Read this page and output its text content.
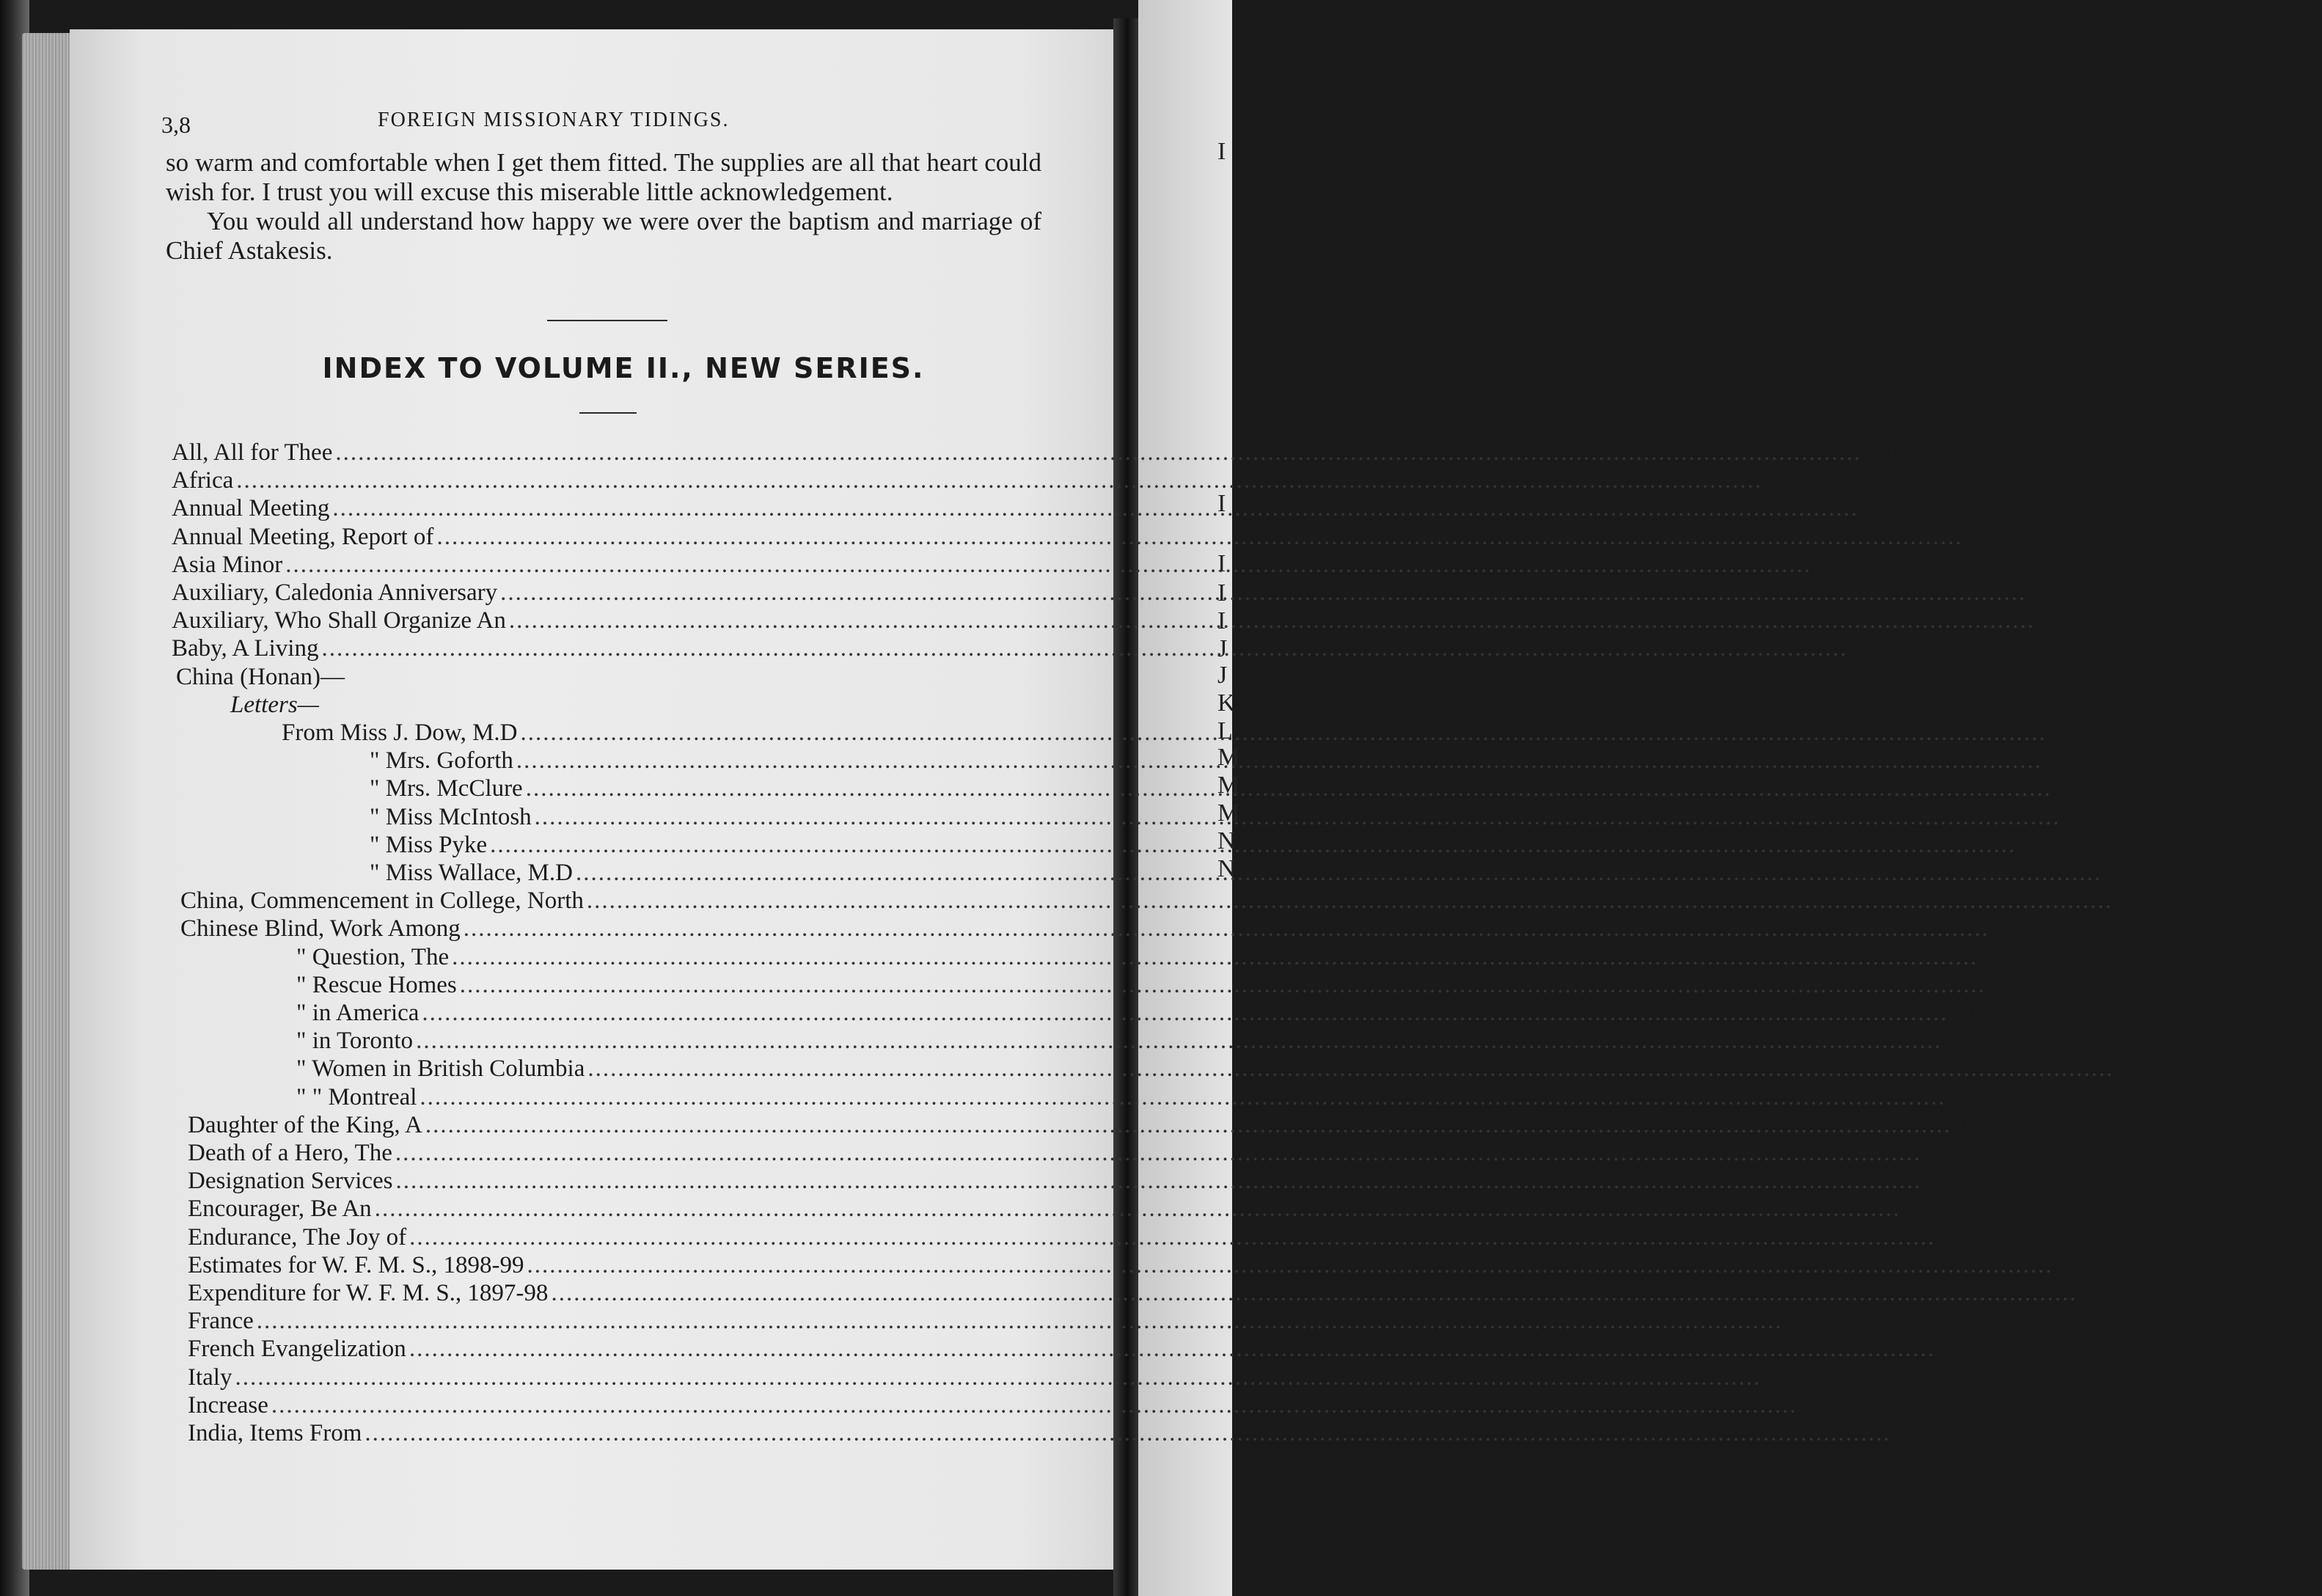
I
I
I
I
I
J
J
K
L
M
M
M
N
N
3,8	FOREIGN MISSIONARY TIDINGS.

so warm and comfortable when I get them fitted. The supplies are all that heart could wish for. I trust you will excuse this miserable little acknowledgement.

You would all understand how happy we were over the baptism and marriage of Chief Astakesis.

INDEX TO VOLUME II., NEW SERIES.
All, All for Thee .....	161
Africa .....	93, 94, 109
Annual Meeting .....	6, 323, 355
Annual Meeting, Report of .....	36
Asia Minor .....	281
Auxiliary, Caledonia Anniversary .....	259
Auxiliary, Who Shall Organize An .....	194
Baby, A Living .....	172
China (Honan)—
Letters—
From Miss J. Dow, M.D .....	237
" Mrs. Goforth .....	46, 238, 273, 337
" Mrs. McClure .....	81
" Miss McIntosh .....	14, 216
" Miss Pyke .....	15
" Miss Wallace, M.D .....	217, 307
China, Commencement in College, North .....	150
Chinese Blind, Work Among .....	50
" Question, The .....	82
" Rescue Homes .....	335
" in America .....	316
" in Toronto .....	334
" Women in British Columbia .....	327
" " Montreal .....	331
Daughter of the King, A .....	168
Death of a Hero, The .....	17
Designation Services .....	134, 164
Encourager, Be An .....	268
Endurance, The Joy of .....	157
Estimates for W. F. M. S., 1898-99 .....	201
Expenditure for W. F. M. S., 1897-98 .....	196, 324
France .....	77
French Evangelization .....	230
Italy .....	75
Increase .....	3, 67, 131, 193, 259, 289, 321, 353
India, Items From .....	10, 14, 48, 80, 119, 120, 148, 218, 232, 342, 343
